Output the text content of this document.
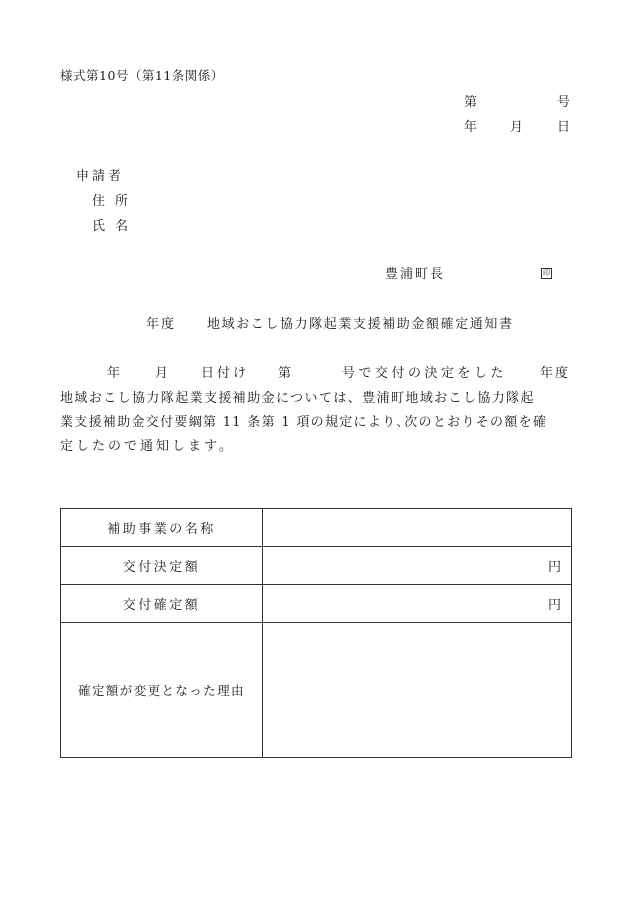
様式第10号（第11条関係）
第	号
年	月	日
申請者
住所
氏名
豊浦町長	印
年度 地域おこし協力隊起業支援補助金額確定通知書
年	月	日付け 第	号で交付の決定をした	年度
地域おこし協力隊起業支援補助金については、豊浦町地域おこし協力隊起
業支援補助金交付要綱第 11 条第 1 項の規定により､次のとおりその額を確
定したので通知します。
補助事業の名称
交付決定額	円
交付確定額	円
確定額が変更となった理由
